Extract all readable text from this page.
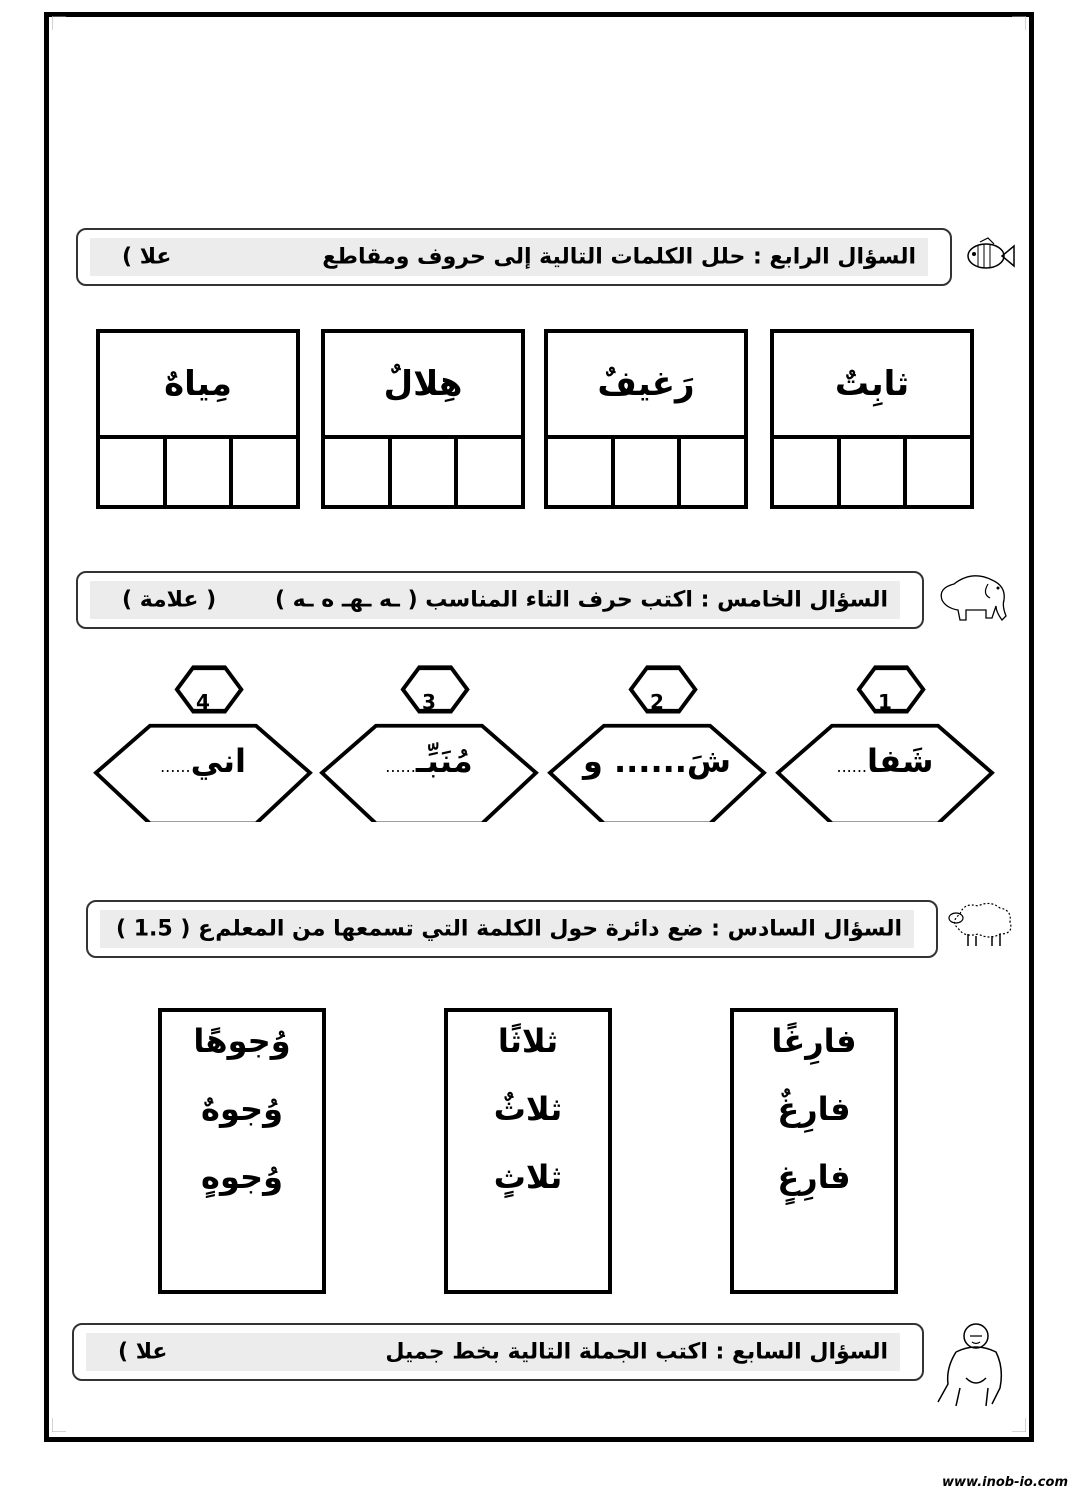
السؤال الرابع : حلل الكلمات التالية إلى حروف ومقاطع
( علا
ثابِتٌ
رَغيفٌ
هِلالٌ
مِياهٌ
السؤال الخامس : اكتب حرف التاء المناسب ( ـه ـهـ ه ـه )
( علامة )
1
شَفا......
2
شَ...... و
3
مُنَبِّـ......
4
اني......
السؤال السادس : ضع دائرة حول الكلمة التي تسمعها من المعلم
ع ( 1.5 )
فارِغًا
فارِغٌ
فارِغٍ
ثلاثًا
ثلاثٌ
ثلاثٍ
وُجوهًا
وُجوهٌ
وُجوهٍ
السؤال السابع : اكتب الجملة التالية بخط جميل
( علا
www.inob-io.com
